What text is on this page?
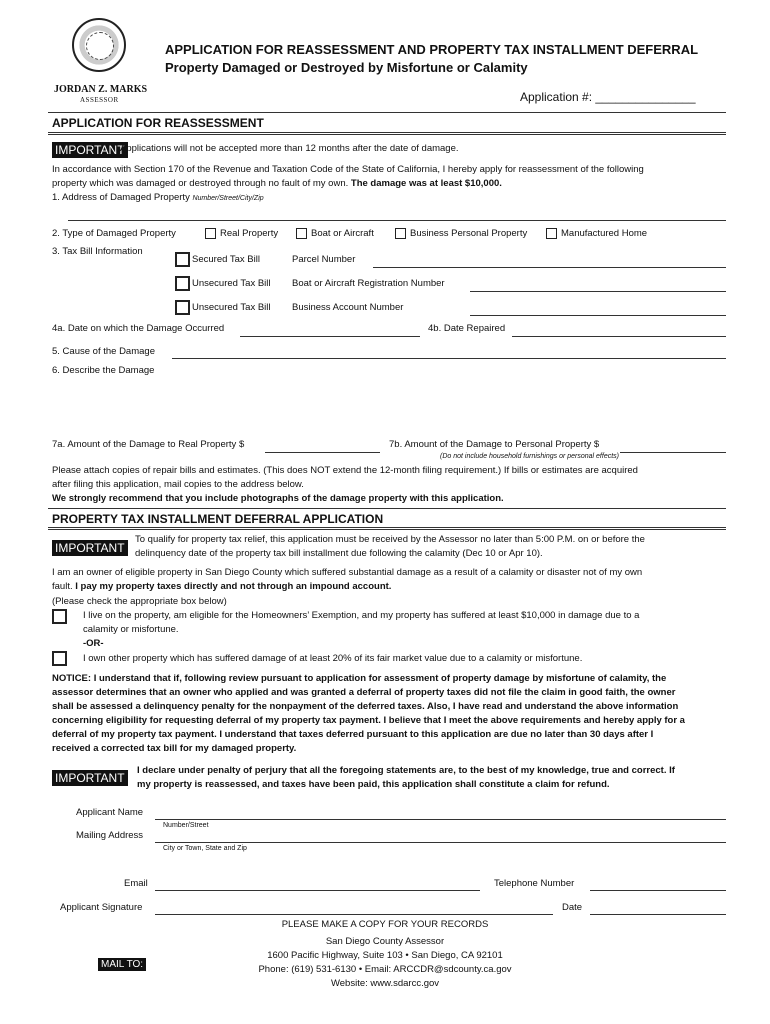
JORDAN Z. MARKS
ASSESSOR
APPLICATION FOR REASSESSMENT AND PROPERTY TAX INSTALLMENT DEFERRAL
Property Damaged or Destroyed by Misfortune or Calamity
Application #: _______________
APPLICATION FOR REASSESSMENT
IMPORTANT
Applications will not be accepted more than 12 months after the date of damage.
In accordance with Section 170 of the Revenue and Taxation Code of the State of California, I hereby apply for reassessment of the following
property which was damaged or destroyed through no fault of my own. The damage was at least $10,000.
1. Address of Damaged Property Number/Street/City/Zip
2. Type of Damaged Property	Real Property	Boat or Aircraft	Business Personal Property	Manufactured Home
3. Tax Bill Information
Secured Tax Bill	Parcel Number
Unsecured Tax Bill Boat or Aircraft Registration Number
Unsecured Tax Bill Business Account Number
4a. Date on which the Damage Occurred	4b. Date Repaired
5. Cause of the Damage
6. Describe the Damage
7a. Amount of the Damage to Real Property $	7b. Amount of the Damage to Personal Property $
(Do not include household furnishings or personal effects)
Please attach copies of repair bills and estimates. (This does NOT extend the 12-month filing requirement.) If bills or estimates are acquired
after filing this application, mail copies to the address below.
We strongly recommend that you include photographs of the damage property with this application.
PROPERTY TAX INSTALLMENT DEFERRAL APPLICATION
IMPORTANT
To qualify for property tax relief, this application must be received by the Assessor no later than 5:00 P.M. on or before the
delinquency date of the property tax bill installment due following the calamity (Dec 10 or Apr 10).
I am an owner of eligible property in San Diego County which suffered substantial damage as a result of a calamity or disaster not of my own
fault. I pay my property taxes directly and not through an impound account.
(Please check the appropriate box below)
I live on the property, am eligible for the Homeowners’ Exemption, and my property has suffered at least $10,000 in damage due to a
calamity or misfortune.
-OR-
I own other property which has suffered damage of at least 20% of its fair market value due to a calamity or misfortune.
NOTICE: I understand that if, following review pursuant to application for assessment of property damage by misfortune of calamity, the
assessor determines that an owner who applied and was granted a deferral of property taxes did not file the claim in good faith, the owner
shall be assessed a delinquency penalty for the nonpayment of the deferred taxes. Also, I have read and understand the above information
concerning eligibility for requesting deferral of my property tax payment. I believe that I meet the above requirements and hereby apply for a
deferral of my property tax payment. I understand that taxes deferred pursuant to this application are due no later than 30 days after I
received a corrected tax bill for my damaged property.
IMPORTANT
I declare under penalty of perjury that all the foregoing statements are, to the best of my knowledge, true and correct. If
my property is reassessed, and taxes have been paid, this application shall constitute a claim for refund.
Applicant Name
Number/Street
Mailing Address
City or Town, State and Zip
Email	Telephone Number
Applicant Signature	Date
PLEASE MAKE A COPY FOR YOUR RECORDS
San Diego County Assessor
1600 Pacific Highway, Suite 103 • San Diego, CA 92101
Phone: (619) 531-6130 • Email: ARCCDR@sdcounty.ca.gov
Website: www.sdarcc.gov
MAIL TO:
